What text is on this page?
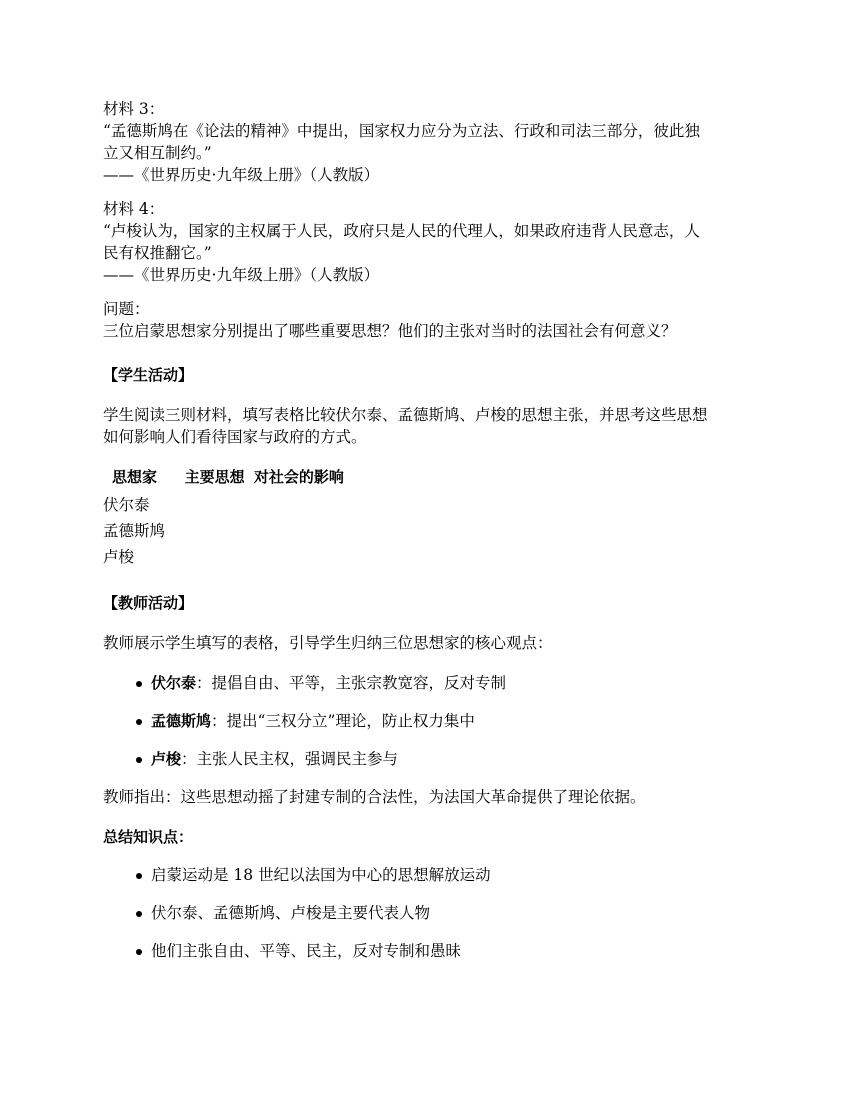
材料 3：
“孟德斯鸠在《论法的精神》中提出，国家权力应分为立法、行政和司法三部分，彼此独
立又相互制约。”
——《世界历史·九年级上册》（人教版）
材料 4：
“卢梭认为，国家的主权属于人民，政府只是人民的代理人，如果政府违背人民意志，人
民有权推翻它。”
——《世界历史·九年级上册》（人教版）
问题：
三位启蒙思想家分别提出了哪些重要思想？他们的主张对当时的法国社会有何意义？
【学生活动】
学生阅读三则材料，填写表格比较伏尔泰、孟德斯鸠、卢梭的思想主张，并思考这些思想
如何影响人们看待国家与政府的方式。
思想家   主要思想 对社会的影响
伏尔泰
孟德斯鸠
卢梭
【教师活动】
教师展示学生填写的表格，引导学生归纳三位思想家的核心观点：
伏尔泰：提倡自由、平等，主张宗教宽容，反对专制
孟德斯鸠：提出“三权分立”理论，防止权力集中
卢梭：主张人民主权，强调民主参与
教师指出：这些思想动摇了封建专制的合法性，为法国大革命提供了理论依据。
总结知识点：
启蒙运动是 18 世纪以法国为中心的思想解放运动
伏尔泰、孟德斯鸠、卢梭是主要代表人物
他们主张自由、平等、民主，反对专制和愚昧
